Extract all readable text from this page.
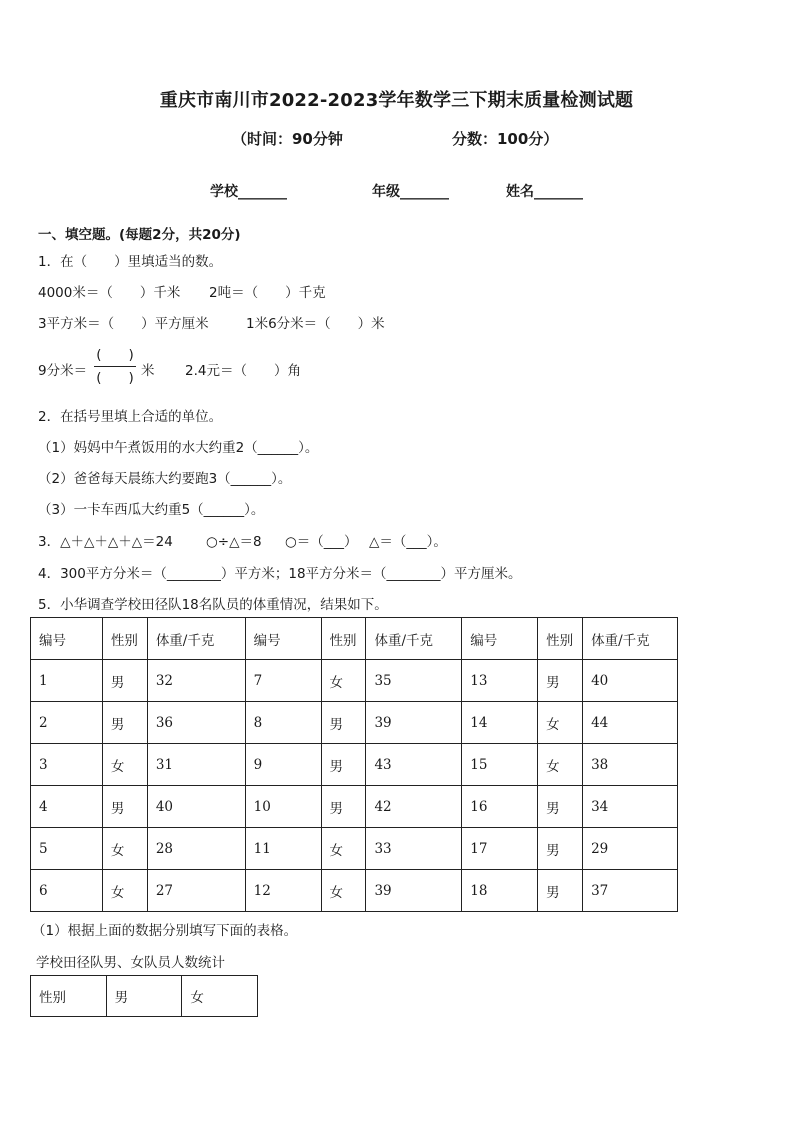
重庆市南川市2022-2023学年数学三下期末质量检测试题
（时间：90分钟	分数：100分）
学校_______	年级_______	姓名_______
一、填空题。(每题2分，共20分)
1．在（　　）里填适当的数。
4000米＝（　　）千米 2吨＝（　　）千克
3平方米＝（　　）平方厘米	1米6分米＝（　　）米
9分米＝
(　　)
(　　) 米 2.4元＝（　　）角
2．在括号里填上合适的单位。
（1）妈妈中午煮饭用的水大约重2（______）。
（2）爸爸每天晨练大约要跑3（______）。
（3）一卡车西瓜大约重5（______）。
3．△＋△＋△＋△＝24 ○÷△＝8 ○＝（___） △＝（___）。
4．300平方分米＝（________）平方米；18平方分米＝（________）平方厘米。
5．小华调查学校田径队18名队员的体重情况，结果如下。
编号	性别	体重/千克	编号	性别	体重/千克	编号	性别	体重/千克
1	男	32	7	女	35	13	男	40
2	男	36	8	男	39	14	女	44
3	女	31	9	男	43	15	女	38
4	男	40	10	男	42	16	男	34
5	女	28	11	女	33	17	男	29
6	女	27	12	女	39	18	男	37
（1）根据上面的数据分别填写下面的表格。
学校田径队男、女队员人数统计
性别	男	女
